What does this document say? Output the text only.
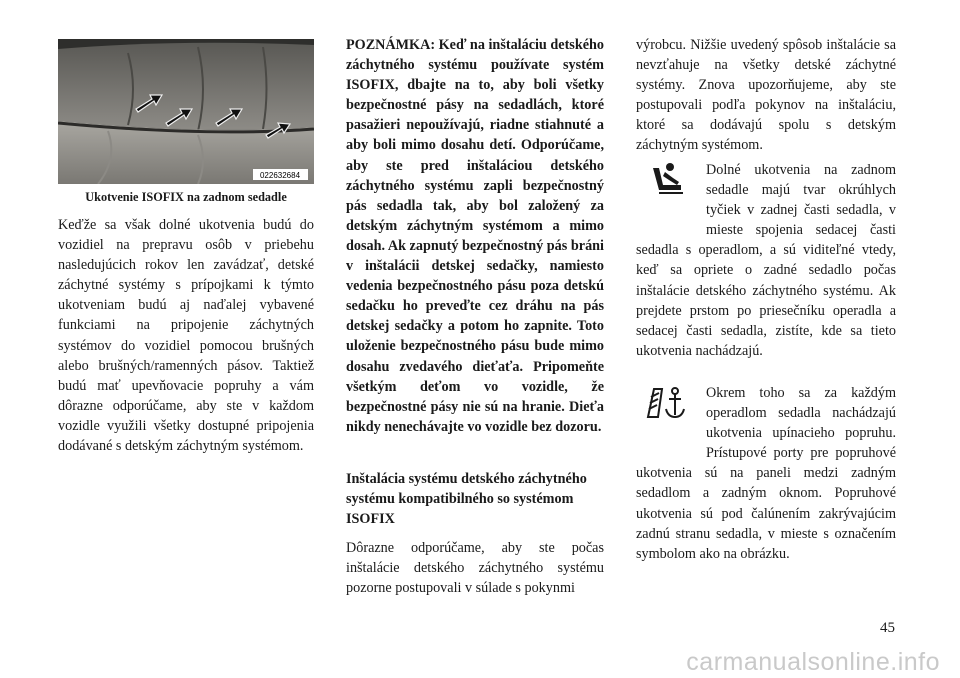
022632684
Ukotvenie ISOFIX na zadnom sedadle

Keďže sa však dolné ukotvenia budú do vozidiel na prepravu osôb v priebehu nasledujúcich rokov len zavádzať, detské záchytné systémy s prípojkami k týmto ukotveniam budú aj naďalej vybavené funkciami na pripojenie záchytných systémov do vozidiel pomocou brušných alebo brušných/ramenných pásov. Taktiež budú mať upevňovacie popruhy a vám dôrazne odporúčame, aby ste v každom vozidle využili všetky dostupné pripojenia dodávané s detským záchytným systémom.

POZNÁMKA: Keď na inštaláciu detského záchytného systému používate systém ISOFIX, dbajte na to, aby boli všetky bezpečnostné pásy na sedadlách, ktoré pasažieri nepoužívajú, riadne stiahnuté a aby boli mimo dosahu detí. Odporúčame, aby ste pred inštaláciou detského záchytného systému zapli bezpečnostný pás sedadla tak, aby bol založený za detským záchytným systémom a mimo dosah. Ak zapnutý bezpečnostný pás bráni v inštalácii detskej sedačky, namiesto vedenia bezpečnostného pásu poza detskú sedačku ho preveďte cez dráhu na pás detskej sedačky a potom ho zapnite. Toto uloženie bezpečnostného pásu bude mimo dosahu zvedavého dieťaťa. Pripomeňte všetkým deťom vo vozidle, že bezpečnostné pásy nie sú na hranie. Dieťa nikdy nenechávajte vo vozidle bez dozoru.

Inštalácia systému detského záchytného systému kompatibilného so systémom ISOFIX

Dôrazne odporúčame, aby ste počas inštalácie detského záchytného systému pozorne postupovali v súlade s pokynmi

výrobcu. Nižšie uvedený spôsob inštalácie sa nevzťahuje na všetky detské záchytné systémy. Znova upozorňujeme, aby ste postupovali podľa pokynov na inštaláciu, ktoré sa dodávajú spolu s detským záchytným systémom.

Dolné ukotvenia na zadnom sedadle majú tvar okrúhlych tyčiek v zadnej časti sedadla, v mieste spojenia sedacej časti sedadla s operadlom, a sú viditeľné vtedy, keď sa opriete o zadné sedadlo počas inštalácie detského záchytného systému. Ak prejdete prstom po priesečníku operadla a sedacej časti sedadla, zistíte, kde sa tieto ukotvenia nachádzajú.

Okrem toho sa za každým operadlom sedadla nachádzajú ukotvenia upínacieho popruhu. Prístupové porty pre popruhové ukotvenia sú na paneli medzi zadným sedadlom a zadným oknom. Popruhové ukotvenia sú pod čalúnením zakrývajúcim zadnú stranu sedadla, v mieste s označením symbolom ako na obrázku.

45
carmanualsonline.info
